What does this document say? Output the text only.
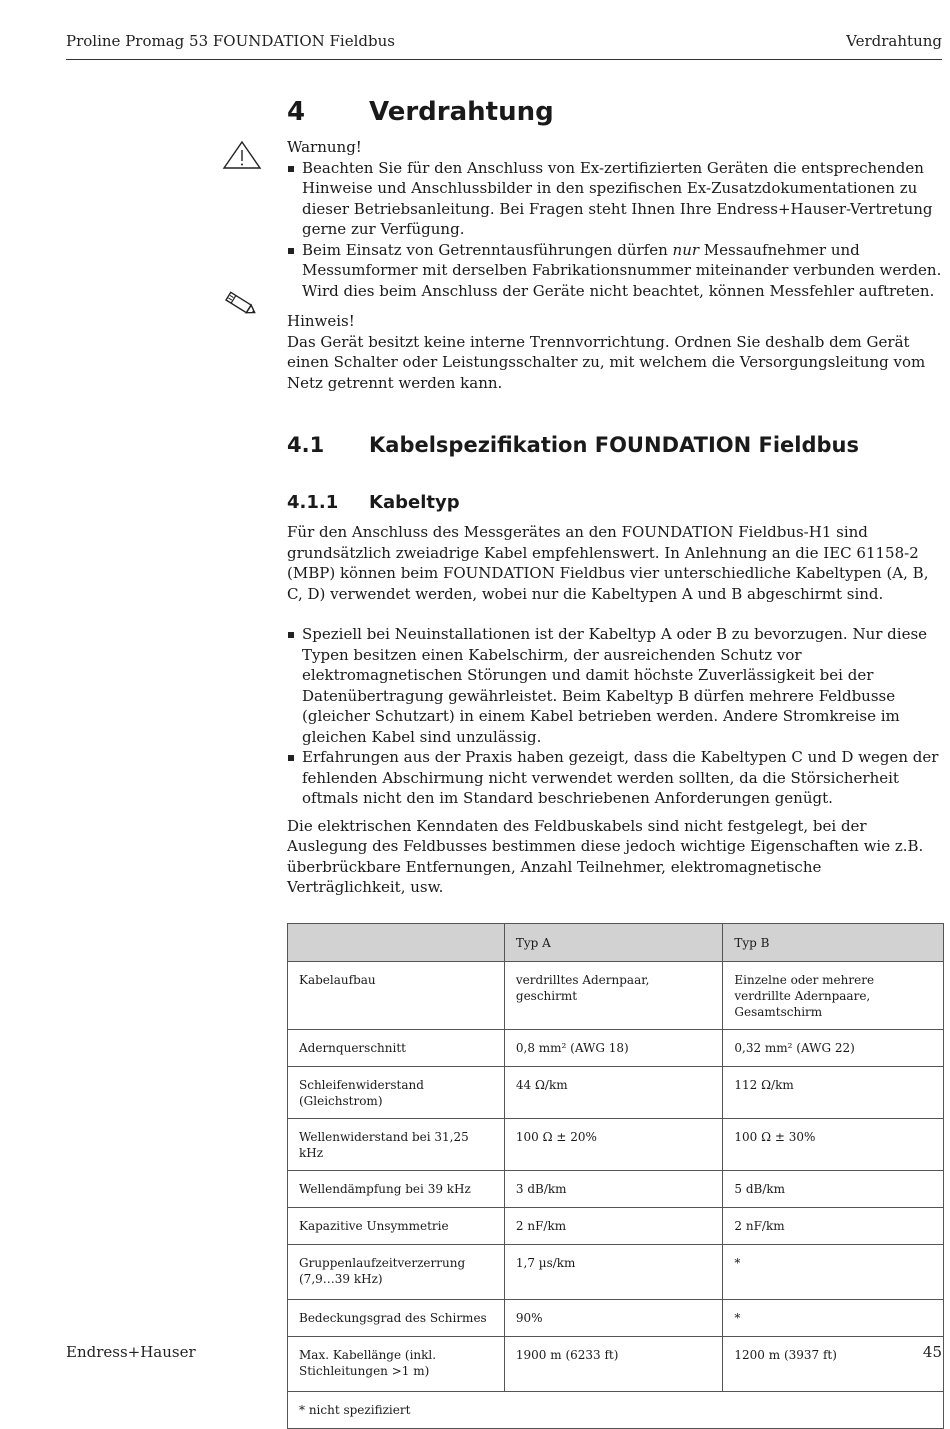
Proline Promag 53 FOUNDATION Fieldbus	Verdrahtung
4	Verdrahtung

Warnung!

Beachten Sie für den Anschluss von Ex-zertifizierten Geräten die entsprechenden Hinweise und Anschlussbilder in den spezifischen Ex-Zusatzdokumentationen zu dieser Betriebsanleitung. Bei Fragen steht Ihnen Ihre Endress+Hauser-Vertretung gerne zur Verfügung.
Beim Einsatz von Getrenntausführungen dürfen nur Messaufnehmer und Messumformer mit derselben Fabrikationsnummer miteinander verbunden werden. Wird dies beim Anschluss der Geräte nicht beachtet, können Messfehler auftreten.

Hinweis!

Das Gerät besitzt keine interne Trennvorrichtung. Ordnen Sie deshalb dem Gerät einen Schalter oder Leistungsschalter zu, mit welchem die Versorgungsleitung vom Netz getrennt werden kann.

4.1	Kabelspezifikation FOUNDATION Fieldbus
4.1.1	Kabeltyp

Für den Anschluss des Messgerätes an den FOUNDATION Fieldbus-H1 sind grundsätzlich zweiadrige Kabel empfehlenswert. In Anlehnung an die IEC 61158-2 (MBP) können beim FOUNDATION Fieldbus vier unterschiedliche Kabeltypen (A, B, C, D) verwendet werden, wobei nur die Kabeltypen A und B abgeschirmt sind.

Speziell bei Neuinstallationen ist der Kabeltyp A oder B zu bevorzugen. Nur diese Typen besitzen einen Kabelschirm, der ausreichenden Schutz vor elektromagnetischen Störungen und damit höchste Zuverlässigkeit bei der Datenübertragung gewährleistet. Beim Kabeltyp B dürfen mehrere Feldbusse (gleicher Schutzart) in einem Kabel betrieben werden. Andere Stromkreise im gleichen Kabel sind unzulässig.
Erfahrungen aus der Praxis haben gezeigt, dass die Kabeltypen C und D wegen der fehlenden Abschirmung nicht verwendet werden sollten, da die Störsicherheit oftmals nicht den im Standard beschriebenen Anforderungen genügt.

Die elektrischen Kenndaten des Feldbuskabels sind nicht festgelegt, bei der Auslegung des Feldbusses bestimmen diese jedoch wichtige Eigenschaften wie z.B. überbrückbare Entfernungen, Anzahl Teilnehmer, elektromagnetische Verträglichkeit, usw.

	Typ A	Typ B
Kabelaufbau	verdrilltes Adernpaar, geschirmt	Einzelne oder mehrere verdrillte Adernpaare, Gesamtschirm
Adernquerschnitt	0,8 mm² (AWG 18)	0,32 mm² (AWG 22)
Schleifenwiderstand (Gleichstrom)	44 Ω/km	112 Ω/km
Wellenwiderstand bei 31,25 kHz	100 Ω ± 20%	100 Ω ± 30%
Wellendämpfung bei 39 kHz	3 dB/km	5 dB/km
Kapazitive Unsymmetrie	2 nF/km	2 nF/km
Gruppenlaufzeitverzerrung (7,9…39 kHz)	1,7 µs/km	*
Bedeckungsgrad des Schirmes	90%	*
Max. Kabellänge (inkl. Stichleitungen >1 m)	1900 m (6233 ft)	1200 m (3937 ft)
* nicht spezifiziert		
Endress+Hauser	45
